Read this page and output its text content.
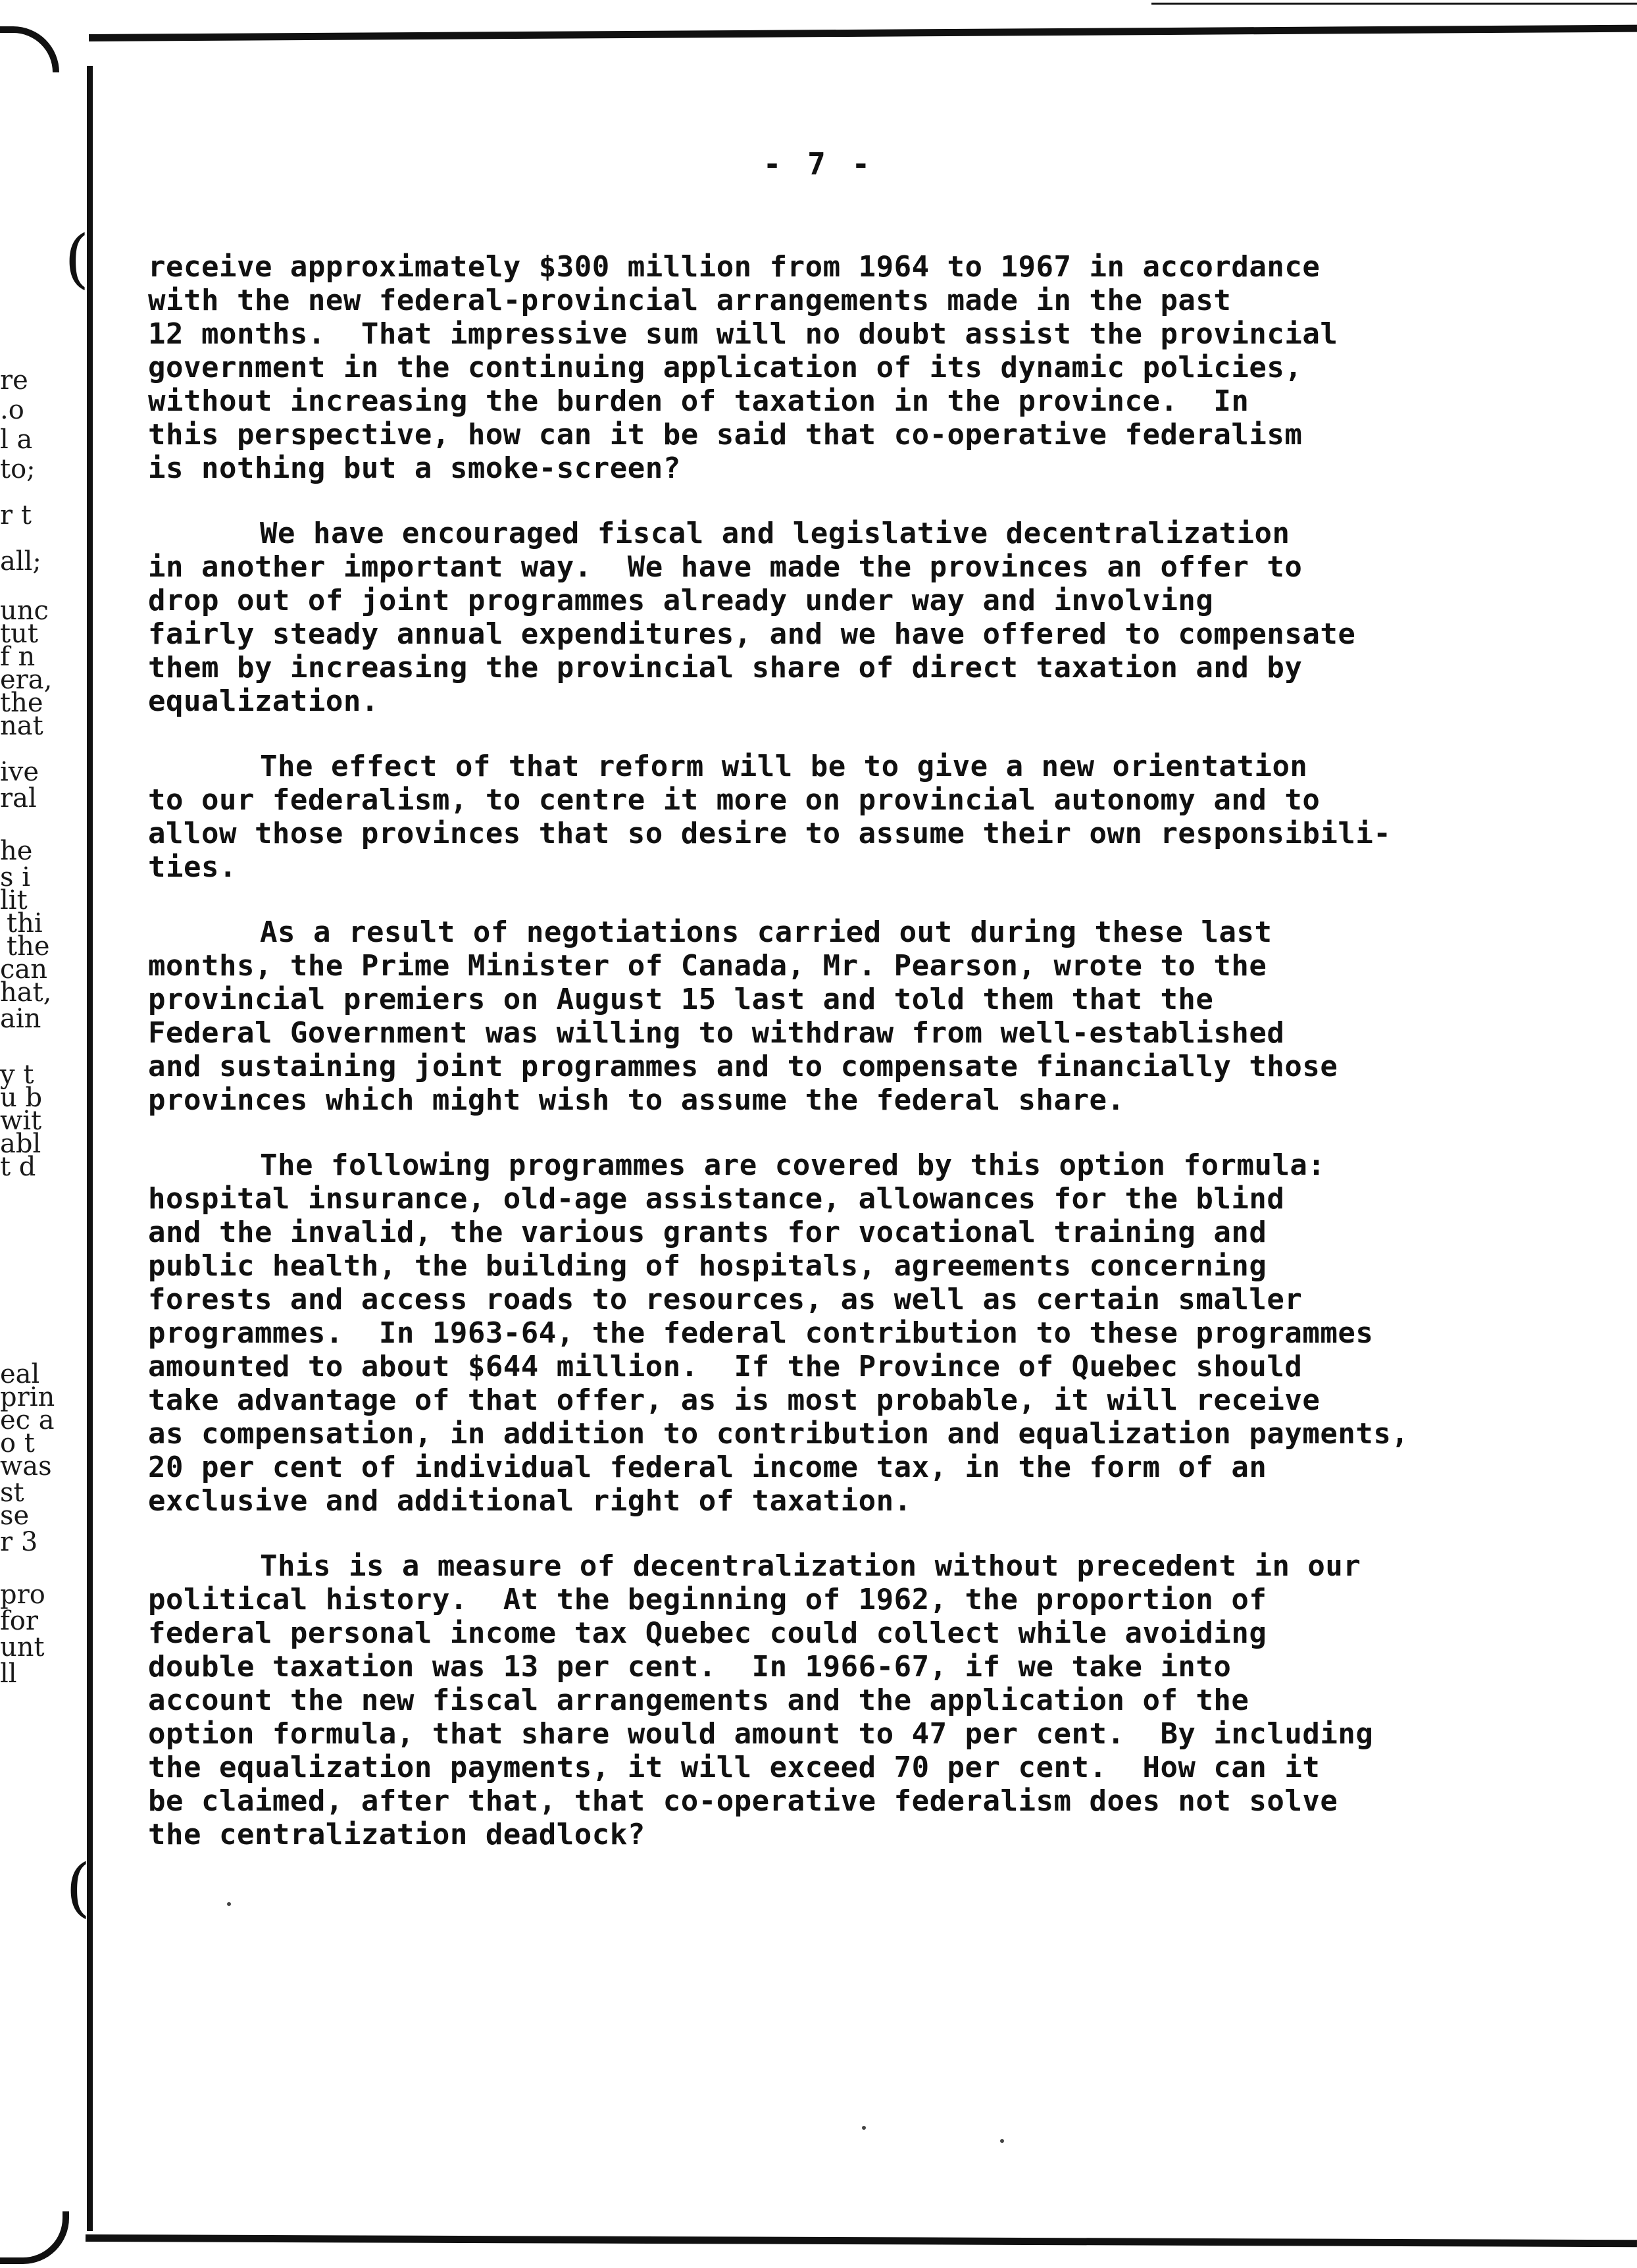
(
(
re
.o
l a
to;
r t
all;
unc
tut
f n
era,
the
nat
ive
ral
he
s i
lit
thi
the
can
hat,
ain
y t
u b
wit
abl
t d
eal
prin
ec a
o t
was
st
se
r 3
pro
for
unt
ll
- 7 -
receive approximately $300 million from 1964 to 1967 in accordance
with the new federal-provincial arrangements made in the past
12 months.  That impressive sum will no doubt assist the provincial
government in the continuing application of its dynamic policies,
without increasing the burden of taxation in the province.  In
this perspective, how can it be said that co-operative federalism
is nothing but a smoke-screen?
We have encouraged fiscal and legislative decentralization
in another important way.  We have made the provinces an offer to
drop out of joint programmes already under way and involving
fairly steady annual expenditures, and we have offered to compensate
them by increasing the provincial share of direct taxation and by
equalization.
The effect of that reform will be to give a new orientation
to our federalism, to centre it more on provincial autonomy and to
allow those provinces that so desire to assume their own responsibili-
ties.
As a result of negotiations carried out during these last
months, the Prime Minister of Canada, Mr. Pearson, wrote to the
provincial premiers on August 15 last and told them that the
Federal Government was willing to withdraw from well-established
and sustaining joint programmes and to compensate financially those
provinces which might wish to assume the federal share.
The following programmes are covered by this option formula:
hospital insurance, old-age assistance, allowances for the blind
and the invalid, the various grants for vocational training and
public health, the building of hospitals, agreements concerning
forests and access roads to resources, as well as certain smaller
programmes.  In 1963-64, the federal contribution to these programmes
amounted to about $644 million.  If the Province of Quebec should
take advantage of that offer, as is most probable, it will receive
as compensation, in addition to contribution and equalization payments,
20 per cent of individual federal income tax, in the form of an
exclusive and additional right of taxation.
This is a measure of decentralization without precedent in our
political history.  At the beginning of 1962, the proportion of
federal personal income tax Quebec could collect while avoiding
double taxation was 13 per cent.  In 1966-67, if we take into
account the new fiscal arrangements and the application of the
option formula, that share would amount to 47 per cent.  By including
the equalization payments, it will exceed 70 per cent.  How can it
be claimed, after that, that co-operative federalism does not solve
the centralization deadlock?
